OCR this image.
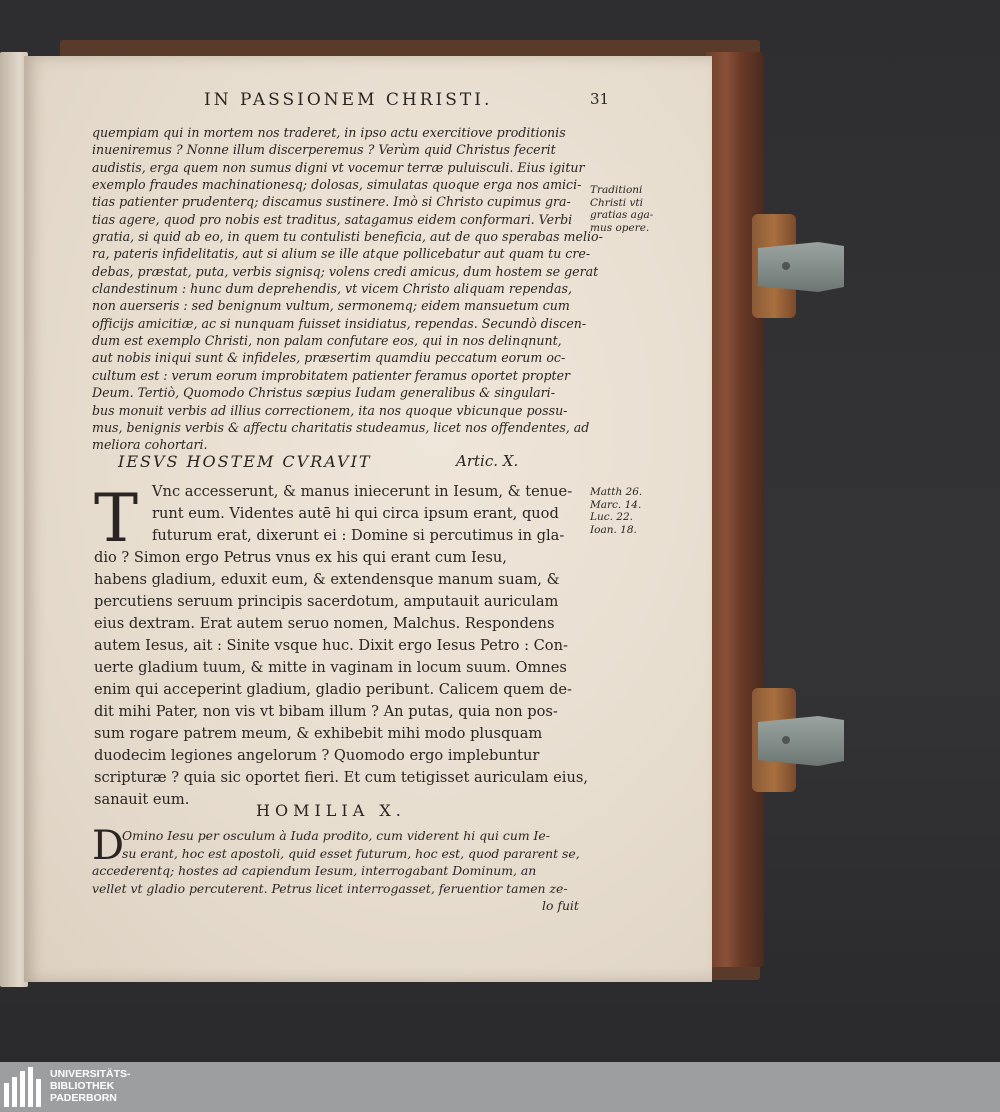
IN PASSIONEM CHRISTI.	31
quempiam qui in mortem nos traderet, in ipso actu exercitiove proditionis
inueniremus ? Nonne illum discerperemus ? Verùm quid Christus fecerit
audistis, erga quem non sumus digni vt vocemur terræ puluisculi. Eius igitur
exemplo fraudes machinationesq; dolosas, simulatas quoque erga nos amici-
tias patienter prudenterq; discamus sustinere. Imò si Christo cupimus gra-
tias agere, quod pro nobis est traditus, satagamus eidem conformari. Verbi
gratia, si quid ab eo, in quem tu contulisti beneficia, aut de quo sperabas melio-
ra, pateris infidelitatis, aut si alium se ille atque pollicebatur aut quam tu cre-
debas, præstat, puta, verbis signisq; volens credi amicus, dum hostem se gerat
clandestinum : hunc dum deprehendis, vt vicem Christo aliquam rependas,
non auerseris : sed benignum vultum, sermonemq; eidem mansuetum cum
officijs amicitiæ, ac si nunquam fuisset insidiatus, rependas. Secundò discen-
dum est exemplo Christi, non palam confutare eos, qui in nos delinqnunt,
aut nobis iniqui sunt & infideles, præsertim quamdiu peccatum eorum oc-
cultum est : verum eorum improbitatem patienter feramus oportet propter
Deum. Tertiò, Quomodo Christus sæpius Iudam generalibus & singulari-
bus monuit verbis ad illius correctionem, ita nos quoque vbicunque possu-
mus, benignis verbis & affectu charitatis studeamus, licet nos offendentes, ad
meliora cohortari.
Traditioni
Christi vti
gratias aga-
mus opere.
IESVS HOSTEM CVRAVIT	Artic. X.
Matth 26.
Marc. 14.
Luc. 22.
Ioan. 18.
T Vnc accesserunt, & manus iniecerunt in Iesum, & tenue-
runt eum. Videntes autē hi qui circa ipsum erant, quod
futurum erat, dixerunt ei : Domine si percutimus in gla-
dio ? Simon ergo Petrus vnus ex his qui erant cum Iesu,
habens gladium, eduxit eum, & extendensque manum suam, &
percutiens seruum principis sacerdotum, amputauit auriculam
eius dextram. Erat autem seruo nomen, Malchus. Respondens
autem Iesus, ait : Sinite vsque huc. Dixit ergo Iesus Petro : Con-
uerte gladium tuum, & mitte in vaginam in locum suum. Omnes
enim qui acceperint gladium, gladio peribunt. Calicem quem de-
dit mihi Pater, non vis vt bibam illum ? An putas, quia non pos-
sum rogare patrem meum, & exhibebit mihi modo plusquam
duodecim legiones angelorum ? Quomodo ergo implebuntur
scripturæ ? quia sic oportet fieri. Et cum tetigisset auriculam eius,
sanauit eum.
HOMILIA X.
D
Omino Iesu per osculum à Iuda prodito, cum viderent hi qui cum Ie-
su erant, hoc est apostoli, quid esset futurum, hoc est, quod pararent se,
accederentq; hostes ad capiendum Iesum, interrogabant Dominum, an
vellet vt gladio percuterent. Petrus licet interrogasset, feruentior tamen ze-
lo fuit
UNIVERSITÄTS-
BIBLIOTHEK
PADERBORN
